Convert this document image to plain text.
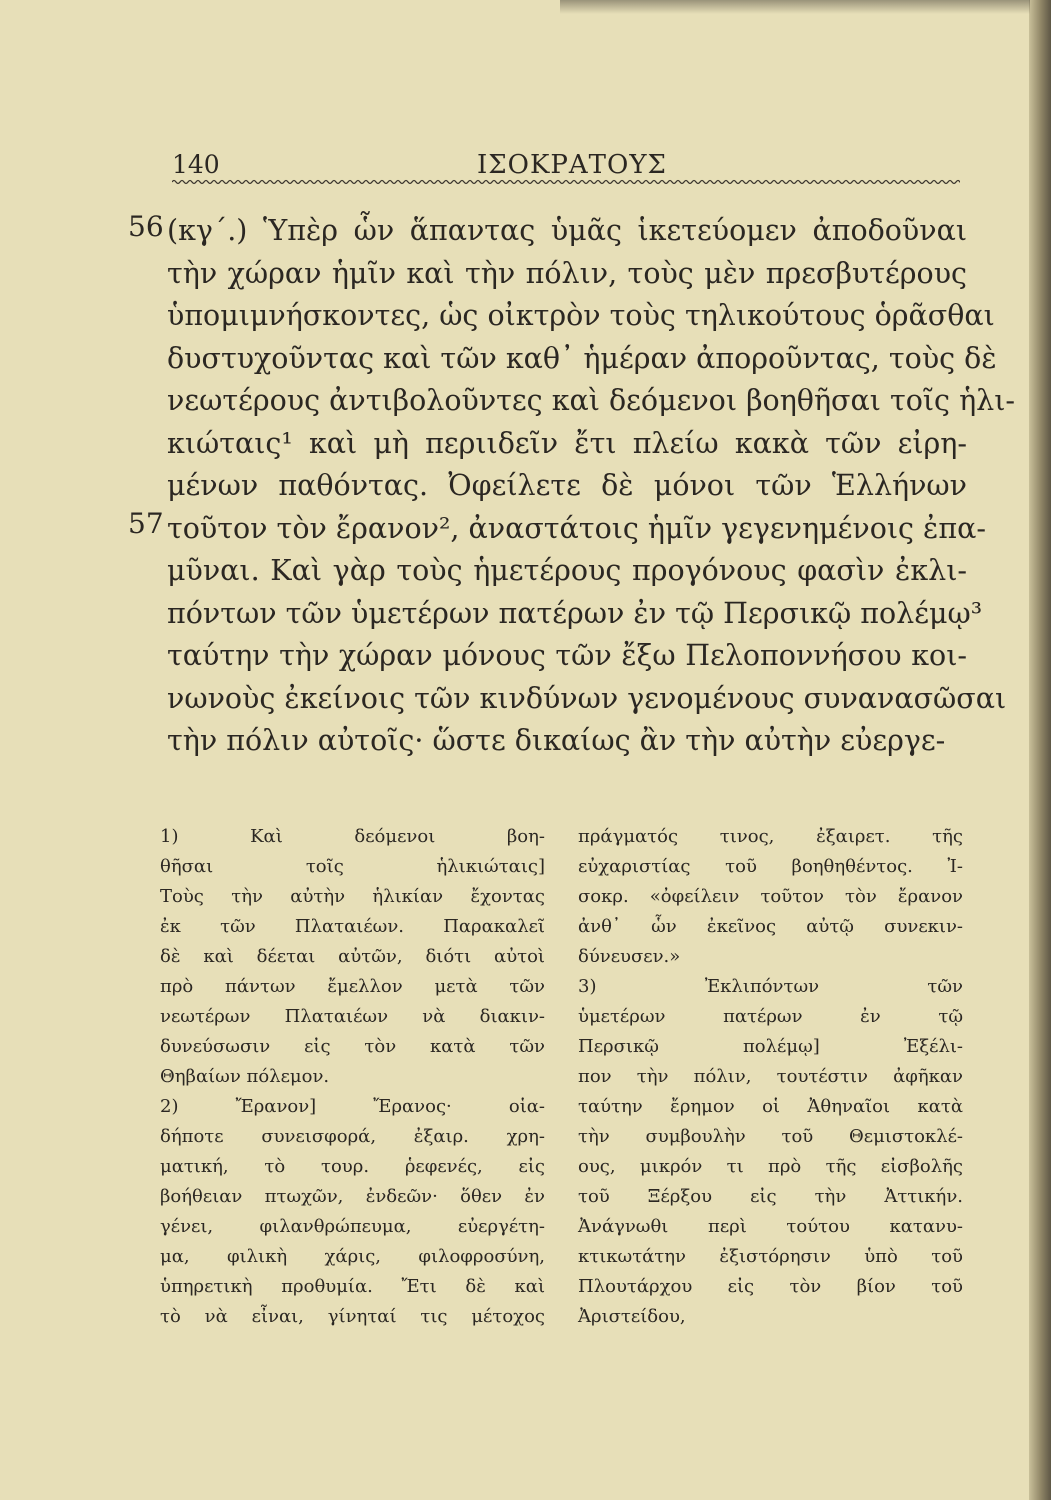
140	ΙΣΟΚΡΑΤΟΥΣ
56
57
(κγ΄.) Ὑπὲρ ὧν ἅπαντας ὑμᾶς ἱκετεύομεν ἀποδοῦναι
τὴν χώραν ἡμῖν καὶ τὴν πόλιν, τοὺς μὲν πρεσβυτέρους
ὑπομιμνήσκοντες, ὡς οἰκτρὸν τοὺς τηλικούτους ὁρᾶσθαι
δυστυχοῦντας καὶ τῶν καθ᾽ ἡμέραν ἀποροῦντας, τοὺς δὲ
νεωτέρους ἀντιβολοῦντες καὶ δεόμενοι βοηθῆσαι τοῖς ἡλι-
κιώταις¹ καὶ μὴ περιιδεῖν ἔτι πλείω κακὰ τῶν εἰρη-
μένων παθόντας. Ὀφείλετε δὲ μόνοι τῶν Ἑλλήνων
τοῦτον τὸν ἔρανον², ἀναστάτοις ἡμῖν γεγενημένοις ἐπα-
μῦναι. Καὶ γὰρ τοὺς ἡμετέρους προγόνους φασὶν ἐκλι-
πόντων τῶν ὑμετέρων πατέρων ἐν τῷ Περσικῷ πολέμῳ³
ταύτην τὴν χώραν μόνους τῶν ἔξω Πελοποννήσου κοι-
νωνοὺς ἐκείνοις τῶν κινδύνων γενομένους συνανασῶσαι
τὴν πόλιν αὐτοῖς· ὥστε δικαίως ἂν τὴν αὐτὴν εὐεργε-
1) Καὶ δεόμενοι βοη-
θῆσαι τοῖς ἡλικιώταις]
Τοὺς τὴν αὐτὴν ἡλικίαν ἔχοντας
ἐκ τῶν Πλαταιέων. Παρακαλεῖ
δὲ καὶ δέεται αὐτῶν, διότι αὐτοὶ
πρὸ πάντων ἔμελλον μετὰ τῶν
νεωτέρων Πλαταιέων νὰ διακιν-
δυνεύσωσιν εἰς τὸν κατὰ τῶν
Θηβαίων πόλεμον.
2) Ἔρανον] Ἔρανος· οἱα-
δήποτε συνεισφορά, ἐξαιρ. χρη-
ματική, τὸ τουρ. ῥεφενές, εἰς
βοήθειαν πτωχῶν, ἐνδεῶν· ὅθεν ἐν
γένει, φιλανθρώπευμα, εὐεργέτη-
μα, φιλικὴ χάρις, φιλοφροσύνη,
ὑπηρετικὴ προθυμία. Ἔτι δὲ καὶ
τὸ νὰ εἶναι, γίνηταί τις μέτοχος
πράγματός τινος, ἐξαιρετ. τῆς
εὐχαριστίας τοῦ βοηθηθέντος. Ἰ-
σοκρ. «ὀφείλειν τοῦτον τὸν ἔρανον
ἀνθ᾽ ὧν ἐκεῖνος αὐτῷ συνεκιν-
δύνευσεν.»
3) Ἐκλιπόντων τῶν
ὑμετέρων πατέρων ἐν τῷ
Περσικῷ πολέμῳ] Ἐξέλι-
πον τὴν πόλιν, τουτέστιν ἀφῆκαν
ταύτην ἔρημον οἱ Ἀθηναῖοι κατὰ
τὴν συμβουλὴν τοῦ Θεμιστοκλέ-
ους, μικρόν τι πρὸ τῆς εἰσβολῆς
τοῦ Ξέρξου εἰς τὴν Ἀττικήν.
Ἀνάγνωθι περὶ τούτου κατανυ-
κτικωτάτην ἐξιστόρησιν ὑπὸ τοῦ
Πλουτάρχου εἰς τὸν βίον τοῦ
Ἀριστείδου,
